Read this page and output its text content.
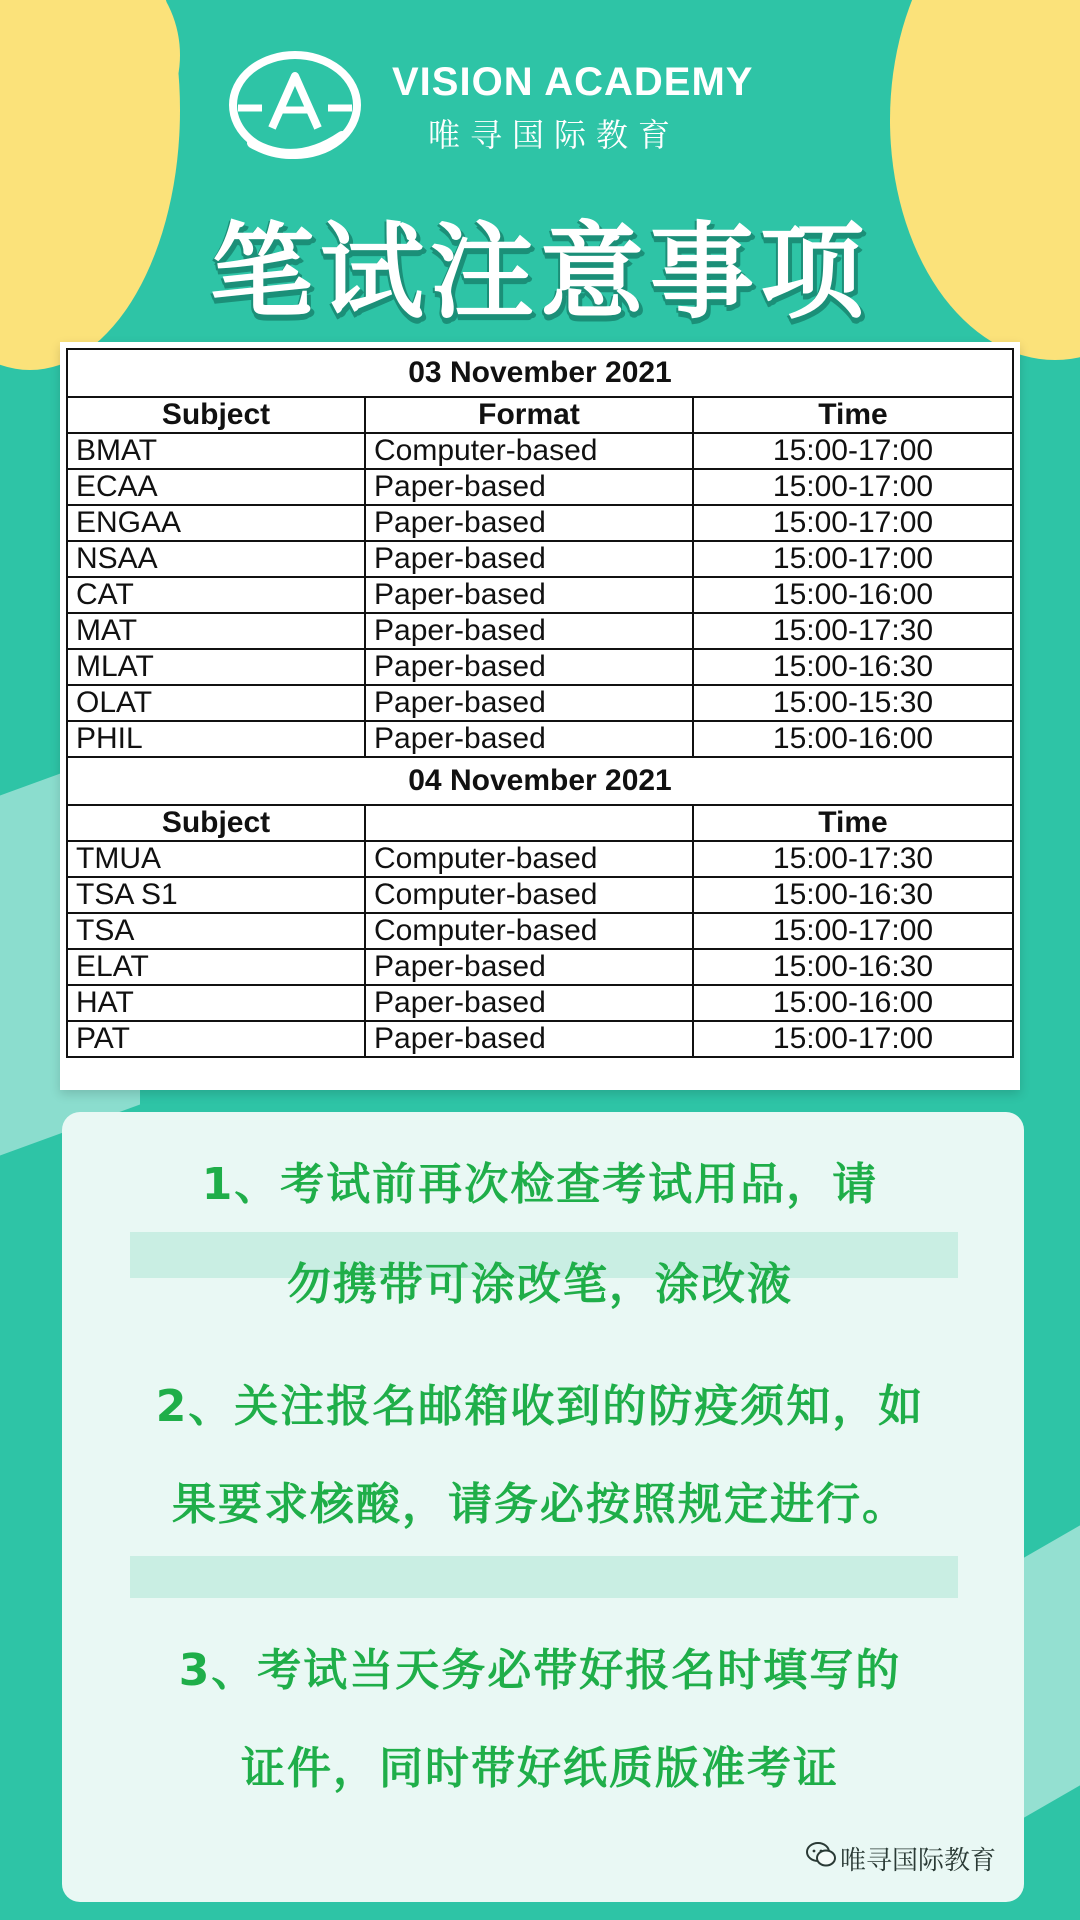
VISION ACADEMY
唯寻国际教育
笔试注意事项
03 November 2021		
Subject	Format	Time
BMAT	Computer-based	15:00-17:00
ECAA	Paper-based	15:00-17:00
ENGAA	Paper-based	15:00-17:00
NSAA	Paper-based	15:00-17:00
CAT	Paper-based	15:00-16:00
MAT	Paper-based	15:00-17:30
MLAT	Paper-based	15:00-16:30
OLAT	Paper-based	15:00-15:30
PHIL	Paper-based	15:00-16:00
04 November 2021		
Subject		Time
TMUA	Computer-based	15:00-17:30
TSA S1	Computer-based	15:00-16:30
TSA	Computer-based	15:00-17:00
ELAT	Paper-based	15:00-16:30
HAT	Paper-based	15:00-16:00
PAT	Paper-based	15:00-17:00
1、考试前再次检查考试用品，请
勿携带可涂改笔，涂改液
2、关注报名邮箱收到的防疫须知，如
果要求核酸，请务必按照规定进行。
3、考试当天务必带好报名时填写的
证件，同时带好纸质版准考证
唯寻国际教育
